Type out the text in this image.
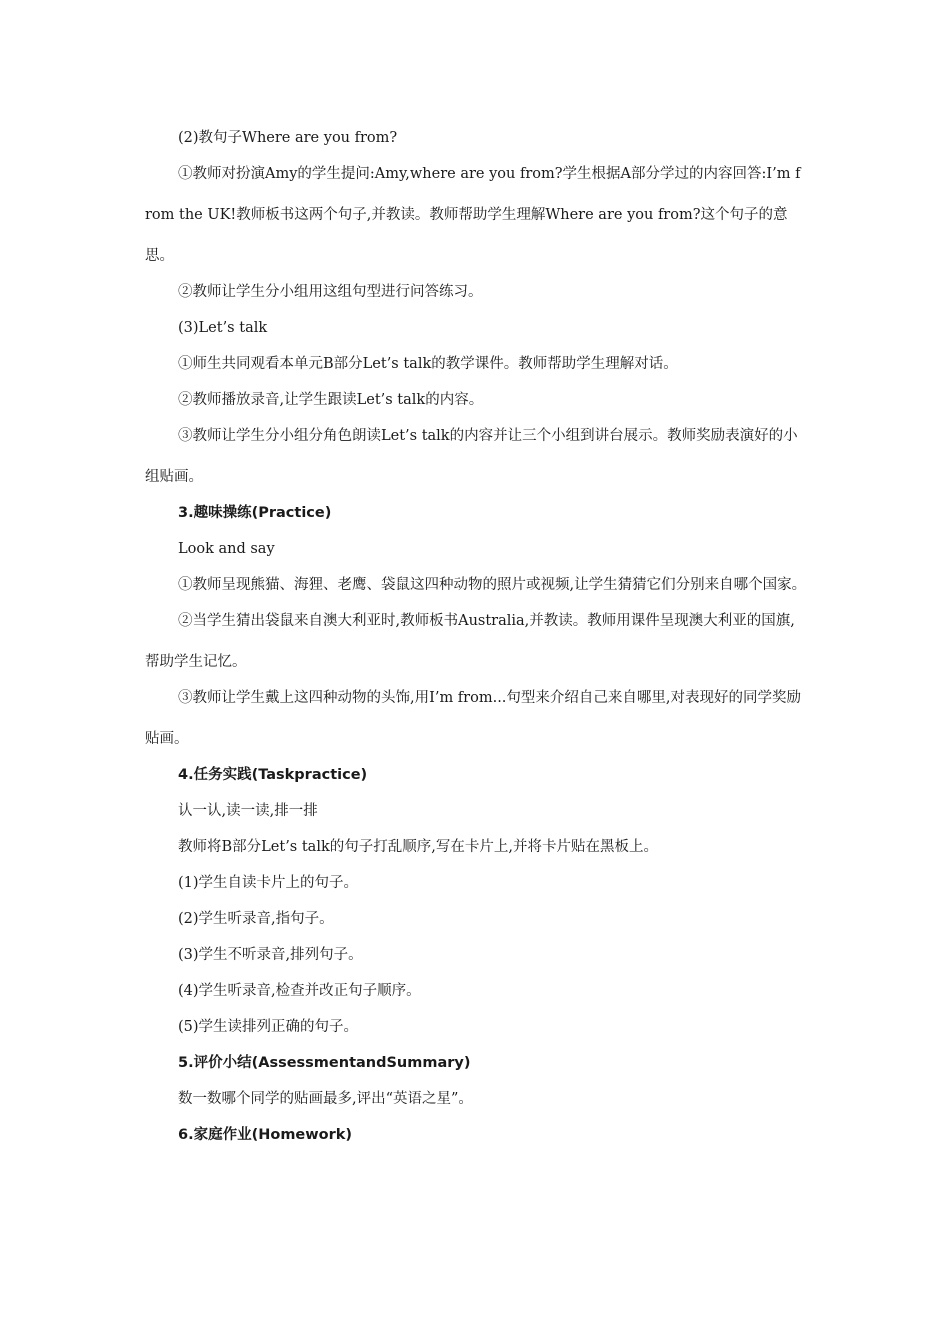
(2)教句子Where are you from?

①教师对扮演Amy的学生提问:Amy,where are you from?学生根据A部分学过的内容回答:I’m from the UK!教师板书这两个句子,并教读。教师帮助学生理解Where are you from?这个句子的意思。

②教师让学生分小组用这组句型进行问答练习。

(3)Let’s talk

①师生共同观看本单元B部分Let’s talk的教学课件。教师帮助学生理解对话。

②教师播放录音,让学生跟读Let’s talk的内容。

③教师让学生分小组分角色朗读Let’s talk的内容并让三个小组到讲台展示。教师奖励表演好的小组贴画。

3.趣味操练(Practice)

Look and say

①教师呈现熊猫、海狸、老鹰、袋鼠这四种动物的照片或视频,让学生猜猜它们分别来自哪个国家。

②当学生猜出袋鼠来自澳大利亚时,教师板书Australia,并教读。教师用课件呈现澳大利亚的国旗,帮助学生记忆。

③教师让学生戴上这四种动物的头饰,用I’m from...句型来介绍自己来自哪里,对表现好的同学奖励贴画。

4.任务实践(Taskpractice)

认一认,读一读,排一排

教师将B部分Let’s talk的句子打乱顺序,写在卡片上,并将卡片贴在黑板上。

(1)学生自读卡片上的句子。

(2)学生听录音,指句子。

(3)学生不听录音,排列句子。

(4)学生听录音,检查并改正句子顺序。

(5)学生读排列正确的句子。

5.评价小结(AssessmentandSummary)

数一数哪个同学的贴画最多,评出“英语之星”。

6.家庭作业(Homework)
